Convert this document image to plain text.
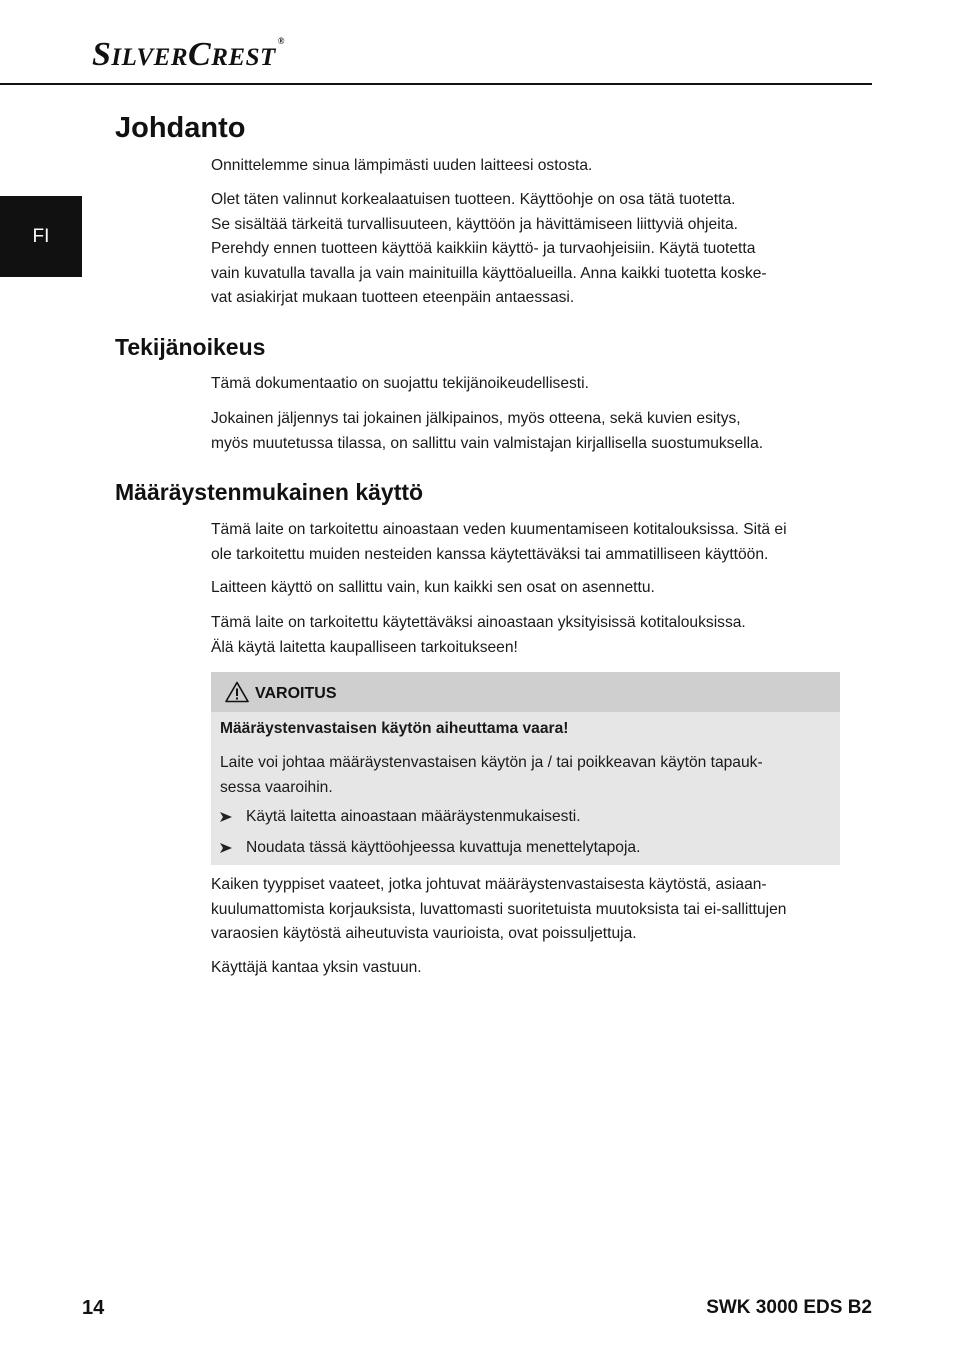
SILVERCREST®
FI
Johdanto

Onnittelemme sinua lämpimästi uuden laitteesi ostosta.

Olet täten valinnut korkealaatuisen tuotteen. Käyttöohje on osa tätä tuotetta.
Se sisältää tärkeitä turvallisuuteen, käyttöön ja hävittämiseen liittyviä ohjeita.
Perehdy ennen tuotteen käyttöä kaikkiin käyttö- ja turvaohjeisiin. Käytä tuotetta
vain kuvatulla tavalla ja vain mainituilla käyttöalueilla. Anna kaikki tuotetta koske-
vat asiakirjat mukaan tuotteen eteenpäin antaessasi.

Tekijänoikeus

Tämä dokumentaatio on suojattu tekijänoikeudellisesti.

Jokainen jäljennys tai jokainen jälkipainos, myös otteena, sekä kuvien esitys,
myös muutetussa tilassa, on sallittu vain valmistajan kirjallisella suostumuksella.

Määräystenmukainen käyttö

Tämä laite on tarkoitettu ainoastaan veden kuumentamiseen kotitalouksissa. Sitä ei
ole tarkoitettu muiden nesteiden kanssa käytettäväksi tai ammatilliseen käyttöön.

Laitteen käyttö on sallittu vain, kun kaikki sen osat on asennettu.

Tämä laite on tarkoitettu käytettäväksi ainoastaan yksityisissä kotitalouksissa.
Älä käytä laitetta kaupalliseen tarkoitukseen!

VAROITUS
Määräystenvastaisen käytön aiheuttama vaara!
Laite voi johtaa määräystenvastaisen käytön ja / tai poikkeavan käytön tapauk-
sessa vaaroihin.
Käytä laitetta ainoastaan määräystenmukaisesti.
Noudata tässä käyttöohjeessa kuvattuja menettelytapoja.

Kaiken tyyppiset vaateet, jotka johtuvat määräystenvastaisesta käytöstä, asiaan-
kuulumattomista korjauksista, luvattomasti suoritetuista muutoksista tai ei-sallittujen
varaosien käytöstä aiheutuvista vaurioista, ovat poissuljettuja.

Käyttäjä kantaa yksin vastuun.

14	SWK 3000 EDS B2
